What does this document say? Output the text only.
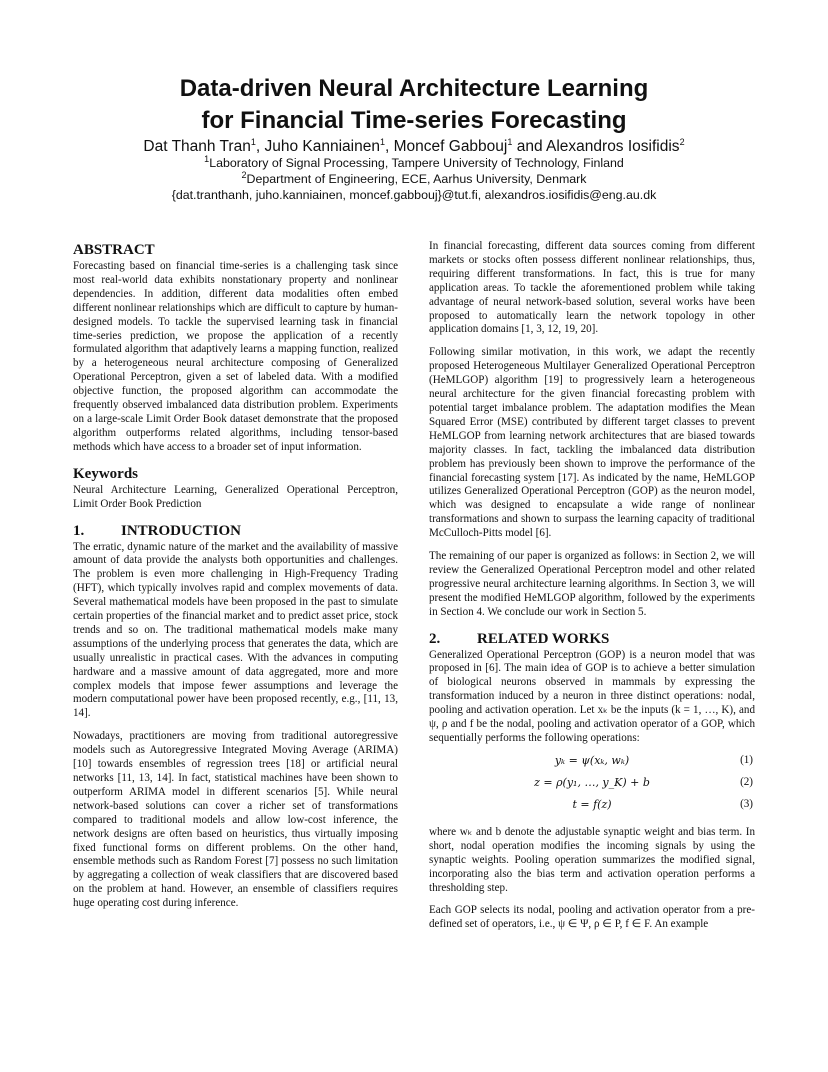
Data-driven Neural Architecture Learning
for Financial Time-series Forecasting
Dat Thanh Tran$^1$, Juho Kanniainen$^1$, Moncef Gabbouj$^1$ and Alexandros Iosifidis$^2$
$^1$Laboratory of Signal Processing, Tampere University of Technology, Finland
$^2$Department of Engineering, ECE, Aarhus University, Denmark
{dat.tranthanh, juho.kanniainen, moncef.gabbouj}@tut.fi, alexandros.iosifidis@eng.au.dk
ABSTRACT

Forecasting based on financial time-series is a challenging task since most real-world data exhibits nonstationary property and nonlinear dependencies. In addition, different data modalities often embed different nonlinear relationships which are difficult to capture by human-designed models. To tackle the supervised learning task in financial time-series prediction, we propose the application of a recently formulated algorithm that adaptively learns a mapping function, realized by a heterogeneous neural architecture composing of Generalized Operational Perceptron, given a set of labeled data. With a modified objective function, the proposed algorithm can accommodate the frequently observed imbalanced data distribution problem. Experiments on a large-scale Limit Order Book dataset demonstrate that the proposed algorithm outperforms related algorithms, including tensor-based methods which have access to a broader set of input information.

Keywords

Neural Architecture Learning, Generalized Operational Perceptron, Limit Order Book Prediction

1. INTRODUCTION

The erratic, dynamic nature of the market and the availability of massive amount of data provide the analysts both opportunities and challenges. The problem is even more challenging in High-Frequency Trading (HFT), which typically involves rapid and complex movements of data. Several mathematical models have been proposed in the past to simulate certain properties of the financial market and to predict asset price, stock trends and so on. The traditional mathematical models make many assumptions of the underlying process that generates the data, which are usually unrealistic in practical cases. With the advances in computing hardware and a massive amount of data aggregated, more and more complex models that impose fewer assumptions and leverage the modern computational power have been proposed recently, e.g., [11, 13, 14].

Nowadays, practitioners are moving from traditional autoregressive models such as Autoregressive Integrated Moving Average (ARIMA) [10] towards ensembles of regression trees [18] or artificial neural networks [11, 13, 14]. In fact, statistical machines have been shown to outperform ARIMA model in different scenarios [5]. While neural network-based solutions can cover a richer set of transformations compared to traditional models and allow low-cost inference, the network designs are often based on heuristics, thus virtually imposing fixed functional forms on different problems. On the other hand, ensemble methods such as Random Forest [7] possess no such limitation by aggregating a collection of weak classifiers that are discovered based on the problem at hand. However, an ensemble of classifiers requires huge operating cost during inference.

In financial forecasting, different data sources coming from different markets or stocks often possess different nonlinear relationships, thus, requiring different transformations. In fact, this is true for many application areas. To tackle the aforementioned problem while taking advantage of neural network-based solution, several works have been proposed to automatically learn the network topology in other application domains [1, 3, 12, 19, 20].

Following similar motivation, in this work, we adapt the recently proposed Heterogeneous Multilayer Generalized Operational Perceptron (HeMLGOP) algorithm [19] to progressively learn a heterogeneous neural architecture for the given financial forecasting problem with potential target imbalance problem. The adaptation modifies the Mean Squared Error (MSE) contributed by different target classes to prevent HeMLGOP from learning network architectures that are biased towards majority classes. In fact, tackling the imbalanced data distribution problem has previously been shown to improve the performance of the financial forecasting system [17]. As indicated by the name, HeMLGOP utilizes Generalized Operational Perceptron (GOP) as the neuron model, which was designed to encapsulate a wide range of nonlinear transformations and shown to surpass the learning capacity of traditional McCulloch-Pitts model [6].

The remaining of our paper is organized as follows: in Section 2, we will review the Generalized Operational Perceptron model and other related progressive neural architecture learning algorithms. In Section 3, we will present the modified HeMLGOP algorithm, followed by the experiments in Section 4. We conclude our work in Section 5.

2. RELATED WORKS

Generalized Operational Perceptron (GOP) is a neuron model that was proposed in [6]. The main idea of GOP is to achieve a better simulation of biological neurons observed in mammals by expressing the transformation induced by a neuron in three distinct operations: nodal, pooling and activation operation. Let xₖ be the inputs (k = 1, …, K), and ψ, ρ and f be the nodal, pooling and activation operator of a GOP, which sequentially performs the following operations:

yₖ = ψ(xₖ, wₖ)	(1)
z = ρ(y₁, …, y_K) + b	(2)
t = f(z)	(3)

where wₖ and b denote the adjustable synaptic weight and bias term. In short, nodal operation modifies the incoming signals by using the synaptic weights. Pooling operation summarizes the modified signal, incorporating also the bias term and activation operation performs a thresholding step.

Each GOP selects its nodal, pooling and activation operator from a pre-defined set of operators, i.e., ψ ∈ Ψ, ρ ∈ P, f ∈ F. An example
